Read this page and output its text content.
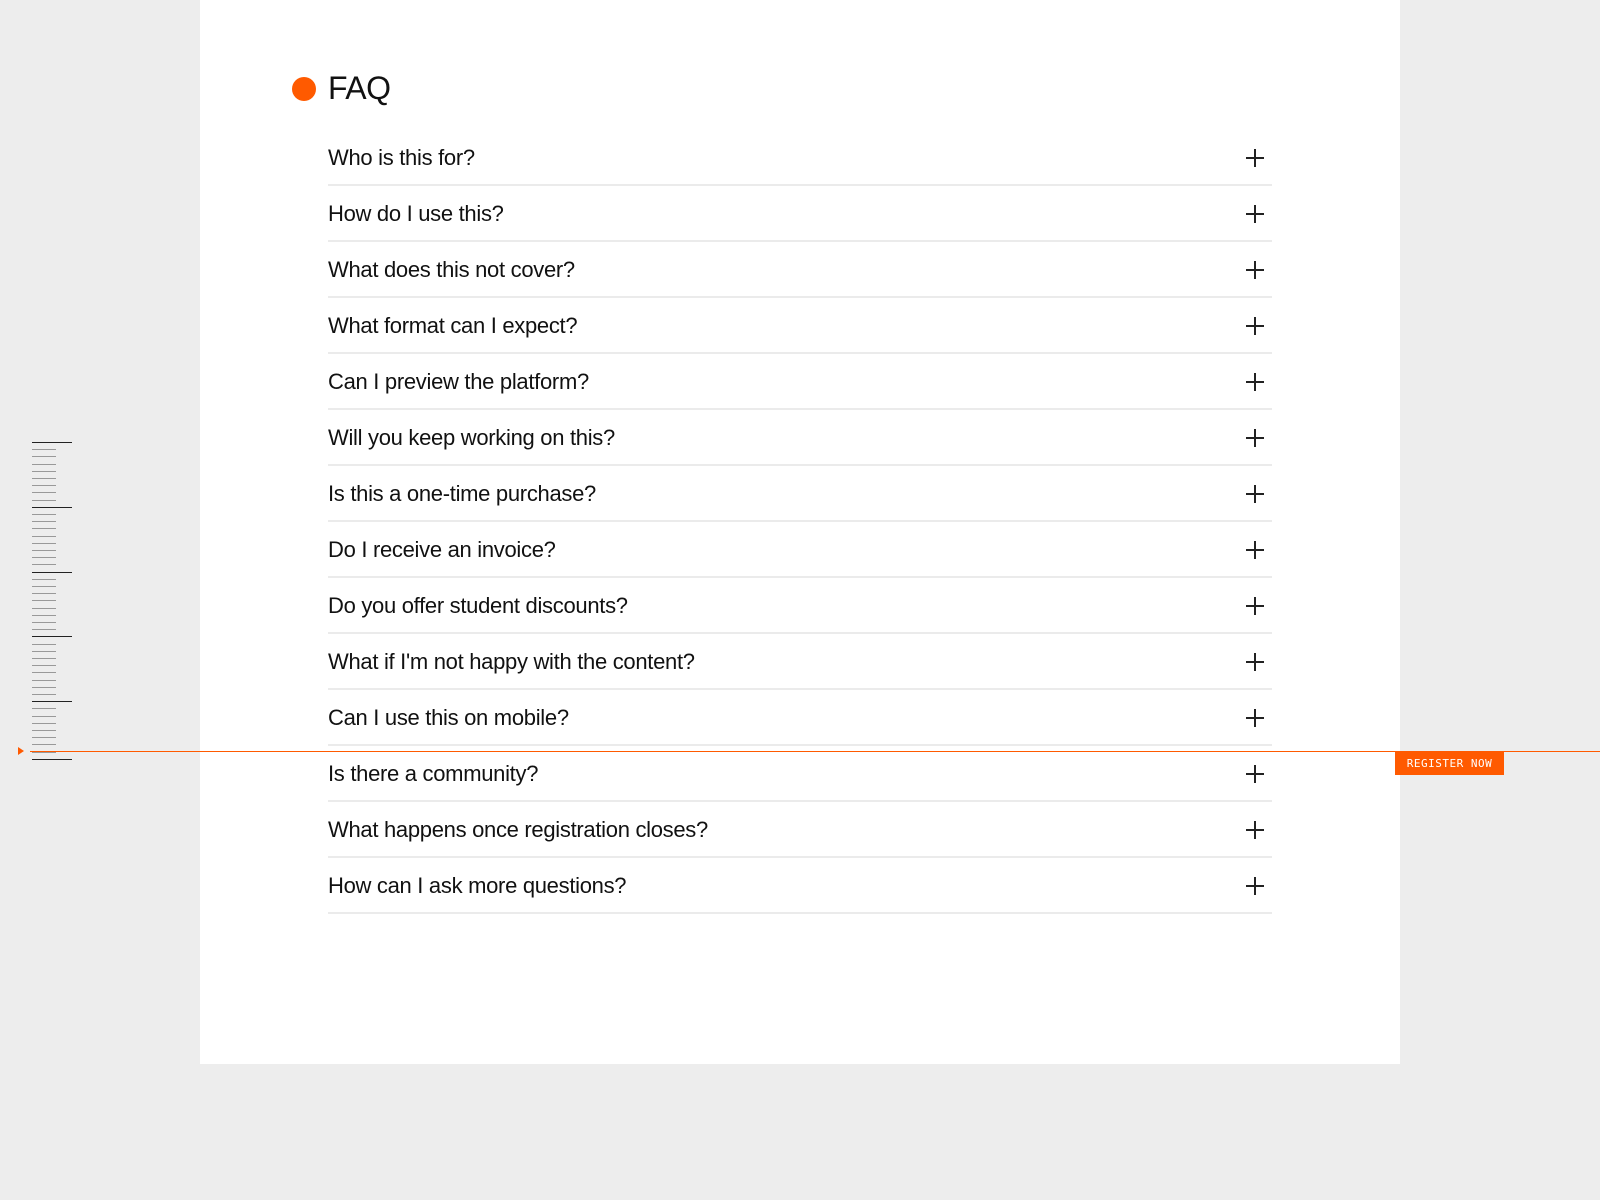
FAQ
Who is this for?
How do I use this?
What does this not cover?
What format can I expect?
Can I preview the platform?
Will you keep working on this?
Is this a one-time purchase?
Do I receive an invoice?
Do you offer student discounts?
What if I'm not happy with the content?
Can I use this on mobile?
Is there a community?
What happens once registration closes?
How can I ask more questions?
REGISTER NOW
